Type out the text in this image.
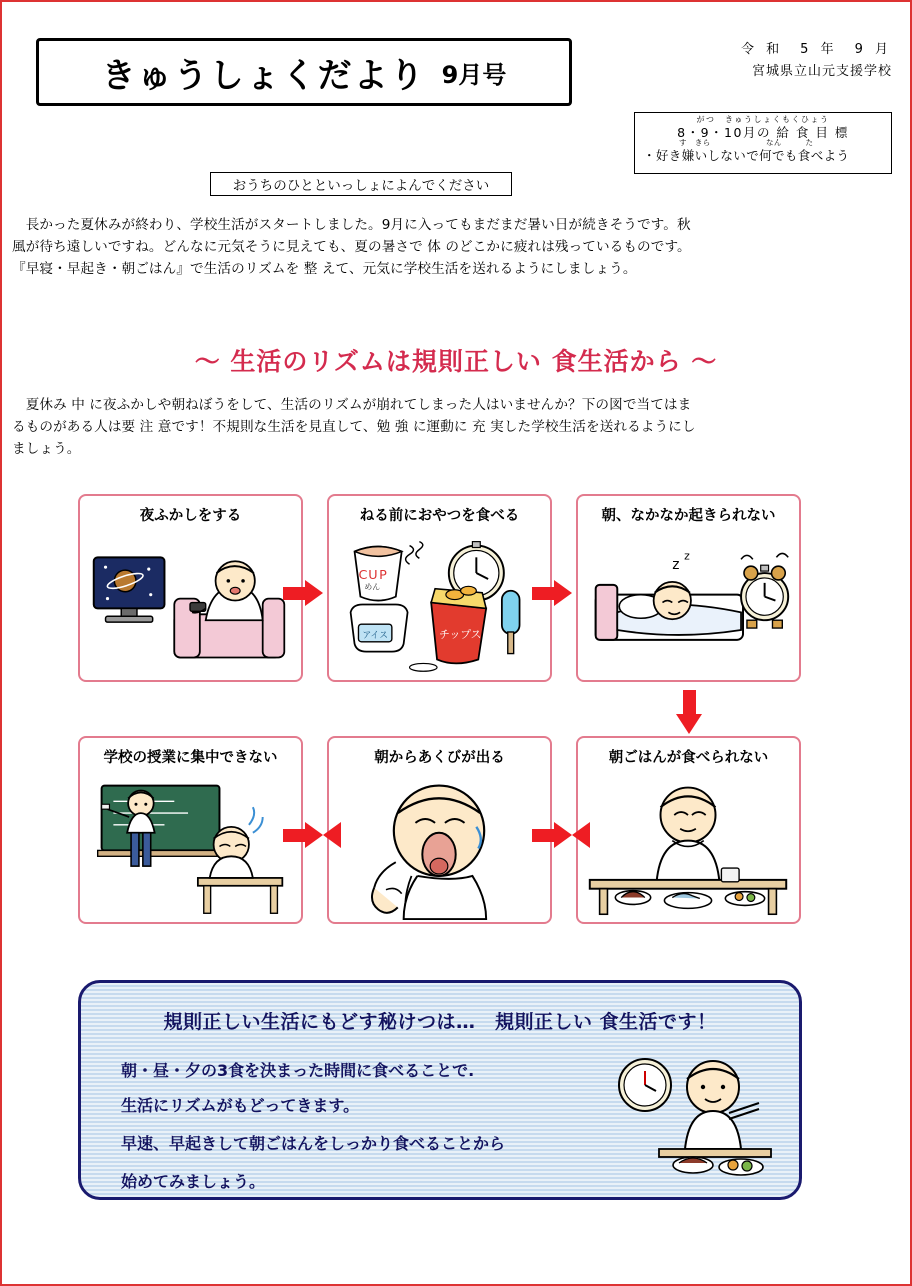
きゅうしょくだより 9月号
令 和　5 年　9 月
宮城県立山元支援学校
がつ　きゅうしょくもくひょう
8・9・10月の 給 食 目 標
す　きら　　　　　　　なん　　　た
・好き嫌いしないで何でも食べよう
おうちのひとといっしょによんでください
　長かった夏休みが終わり、学校生活がスタートしました。9月に入ってもまだまだ暑い日が続きそうです。秋
風が待ち遠しいですね。どんなに元気そうに見えても、夏の暑さで 体 のどこかに疲れは残っているものです。
『早寝・早起き・朝ごはん』で生活のリズムを 整 えて、元気に学校生活を送れるようにしましょう。
～ 生活のリズムは規則正しい 食生活から ～
　夏休み 中 に夜ふかしや朝ねぼうをして、生活のリズムが崩れてしまった人はいませんか？下の図で当てはま
るものがある人は要 注 意です！不規則な生活を見直して、勉 強 に運動に 充 実した学校生活を送れるようにし
ましょう。
夜ふかしをする	ねる前におやつを食べる
C U P
めん
アイス	チップス
朝、なかなか起きられない
z
z
朝ごはんが食べられない
朝からあくびが出る
学校の授業に集中できない
規則正しい生活にもどす秘けつは…　規則正しい 食生活です！
朝・昼・夕の3食を決まった時間に食べることで.
生活にリズムがもどってきます。
早速、早起きして朝ごはんをしっかり食べることから
始めてみましょう。
